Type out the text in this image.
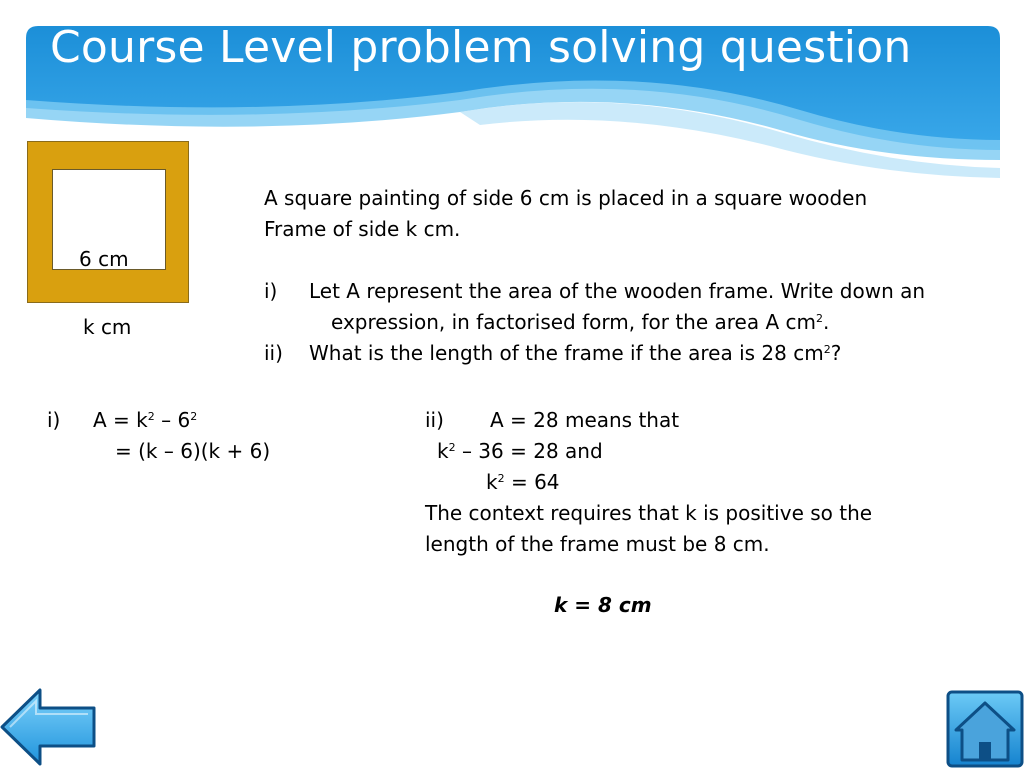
Course Level problem solving question
6 cm
k cm
A square painting of side 6 cm is placed in a square wooden
Frame of side k cm.
i) Let A represent the area of the wooden frame. Write down an
expression, in factorised form, for the area A $cm^2$.
ii) What is the length of the frame if the area is 28 $cm^2$?
i) $A = k^2 - 6^2$
= (k – 6)(k + 6)
ii) A = 28 means that
$k^2 - 36 = 28$ and
$k^2 = 64$
The context requires that k is positive so the
length of the frame must be 8 cm.
k = 8 cm
